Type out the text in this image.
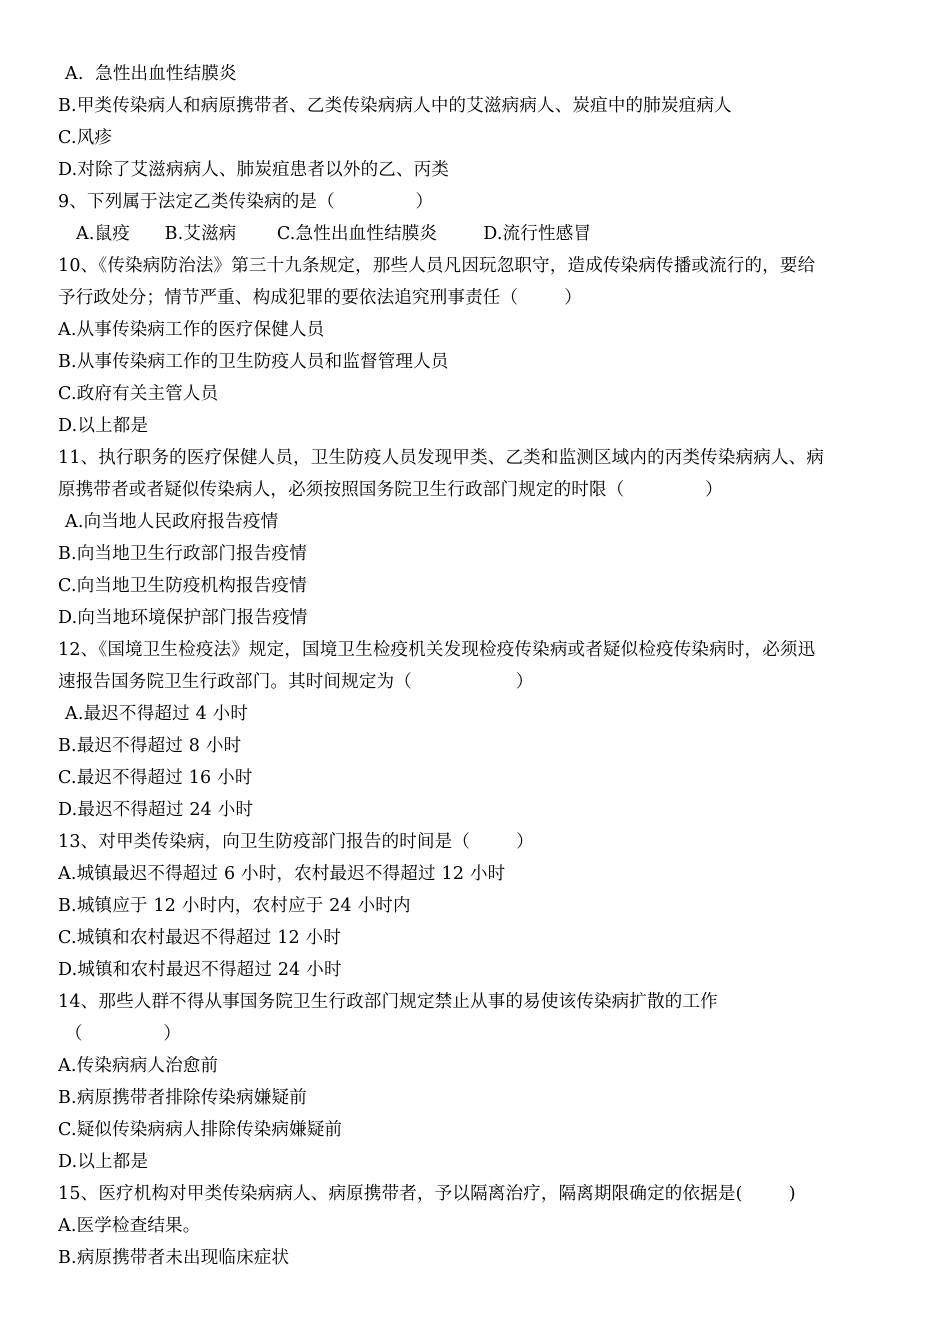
A.  急性出血性结膜炎
B.甲类传染病人和病原携带者、乙类传染病病人中的艾滋病病人、炭疽中的肺炭疽病人
C.风疹
D.对除了艾滋病病人、肺炭疽患者以外的乙、丙类
9、下列属于法定乙类传染病的是（              ）
A.鼠疫      B.艾滋病       C.急性出血性结膜炎        D.流行性感冒
10、《传染病防治法》第三十九条规定，那些人员凡因玩忽职守，造成传染病传播或流行的，要给
予行政处分；情节严重、构成犯罪的要依法追究刑事责任（        ）
A.从事传染病工作的医疗保健人员
B.从事传染病工作的卫生防疫人员和监督管理人员
C.政府有关主管人员
D.以上都是
11、执行职务的医疗保健人员，卫生防疫人员发现甲类、乙类和监测区域内的丙类传染病病人、病
原携带者或者疑似传染病人，必须按照国务院卫生行政部门规定的时限（              ）
A.向当地人民政府报告疫情
B.向当地卫生行政部门报告疫情
C.向当地卫生防疫机构报告疫情
D.向当地环境保护部门报告疫情
12、《国境卫生检疫法》规定，国境卫生检疫机关发现检疫传染病或者疑似检疫传染病时，必须迅
速报告国务院卫生行政部门。其时间规定为（                  ）
A.最迟不得超过 4 小时
B.最迟不得超过 8 小时
C.最迟不得超过 16 小时
D.最迟不得超过 24 小时
13、对甲类传染病，向卫生防疫部门报告的时间是（        ）
A.城镇最迟不得超过 6 小时，农村最迟不得超过 12 小时
B.城镇应于 12 小时内，农村应于 24 小时内
C.城镇和农村最迟不得超过 12 小时
D.城镇和农村最迟不得超过 24 小时
14、那些人群不得从事国务院卫生行政部门规定禁止从事的易使该传染病扩散的工作
（              ）
A.传染病病人治愈前
B.病原携带者排除传染病嫌疑前
C.疑似传染病病人排除传染病嫌疑前
D.以上都是
15、医疗机构对甲类传染病病人、病原携带者，予以隔离治疗，隔离期限确定的依据是(        )
A.医学检查结果。
B.病原携带者未出现临床症状
